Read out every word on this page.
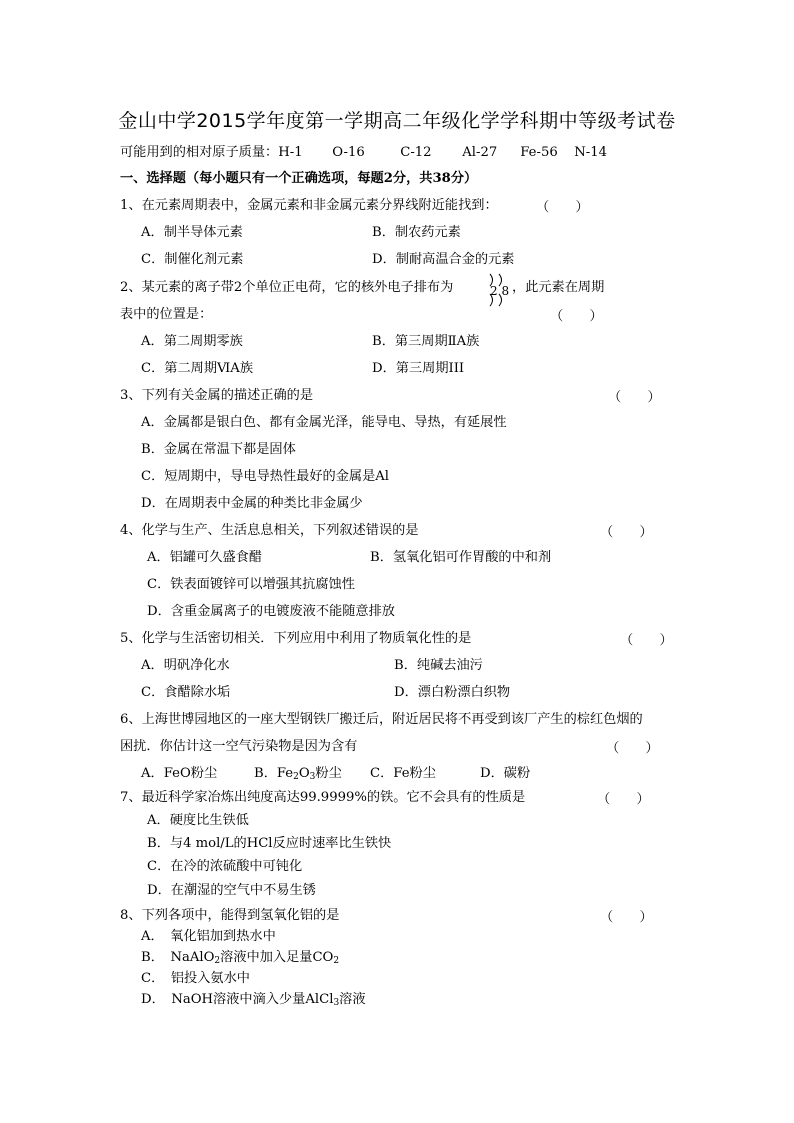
金山中学2015学年度第一学期高二年级化学学科期中等级考试卷
可能用到的相对原子质量：H-1 O-16	C-12 Al-27 Fe-56 N-14
一、选择题（每小题只有一个正确选项，每题2分，共38分）
1、在元素周期表中，金属元素和非金属元素分界线附近能找到：	（　　）
A．制半导体元素	B．制农药元素
C．制催化剂元素	D．制耐高温合金的元素
2、某元素的离子带2个单位正电荷，它的核外电子排布为	2 8 ，此元素在周期
表中的位置是：	（　　）
A．第二周期零族	B．第三周期ⅡA族
C．第二周期ⅥA族	D．第三周期III
3、下列有关金属的描述正确的是	（　　）
A．金属都是银白色、都有金属光泽，能导电、导热，有延展性
B．金属在常温下都是固体
C．短周期中，导电导热性最好的金属是Al
D．在周期表中金属的种类比非金属少
4、化学与生产、生活息息相关，下列叙述错误的是	（　　）
A．铝罐可久盛食醋	B．氢氧化铝可作胃酸的中和剂
C．铁表面镀锌可以增强其抗腐蚀性
D．含重金属离子的电镀废液不能随意排放
5、化学与生活密切相关．下列应用中利用了物质氧化性的是	（　　）
A．明矾净化水	B．纯碱去油污
C．食醋除水垢	D．漂白粉漂白织物
6、上海世博园地区的一座大型钢铁厂搬迁后，附近居民将不再受到该厂产生的棕红色烟的
困扰．你估计这一空气污染物是因为含有	（　　）
A．FeO粉尘	B．$Fe_2O_3$粉尘 C．Fe粉尘	D．碳粉
7、最近科学家冶炼出纯度高达99.9999%的铁。它不会具有的性质是	（　　）
A．硬度比生铁低
B．与4 mol/L的HCl反应时速率比生铁快
C．在冷的浓硫酸中可钝化
D．在潮湿的空气中不易生锈
8、下列各项中，能得到氢氧化铝的是	（　　）
A．　氧化铝加到热水中
B．　NaAlO$_2$溶液中加入足量$CO_2$
C．　铝投入氨水中
D．　NaOH溶液中滴入少量AlCl$_3$溶液
